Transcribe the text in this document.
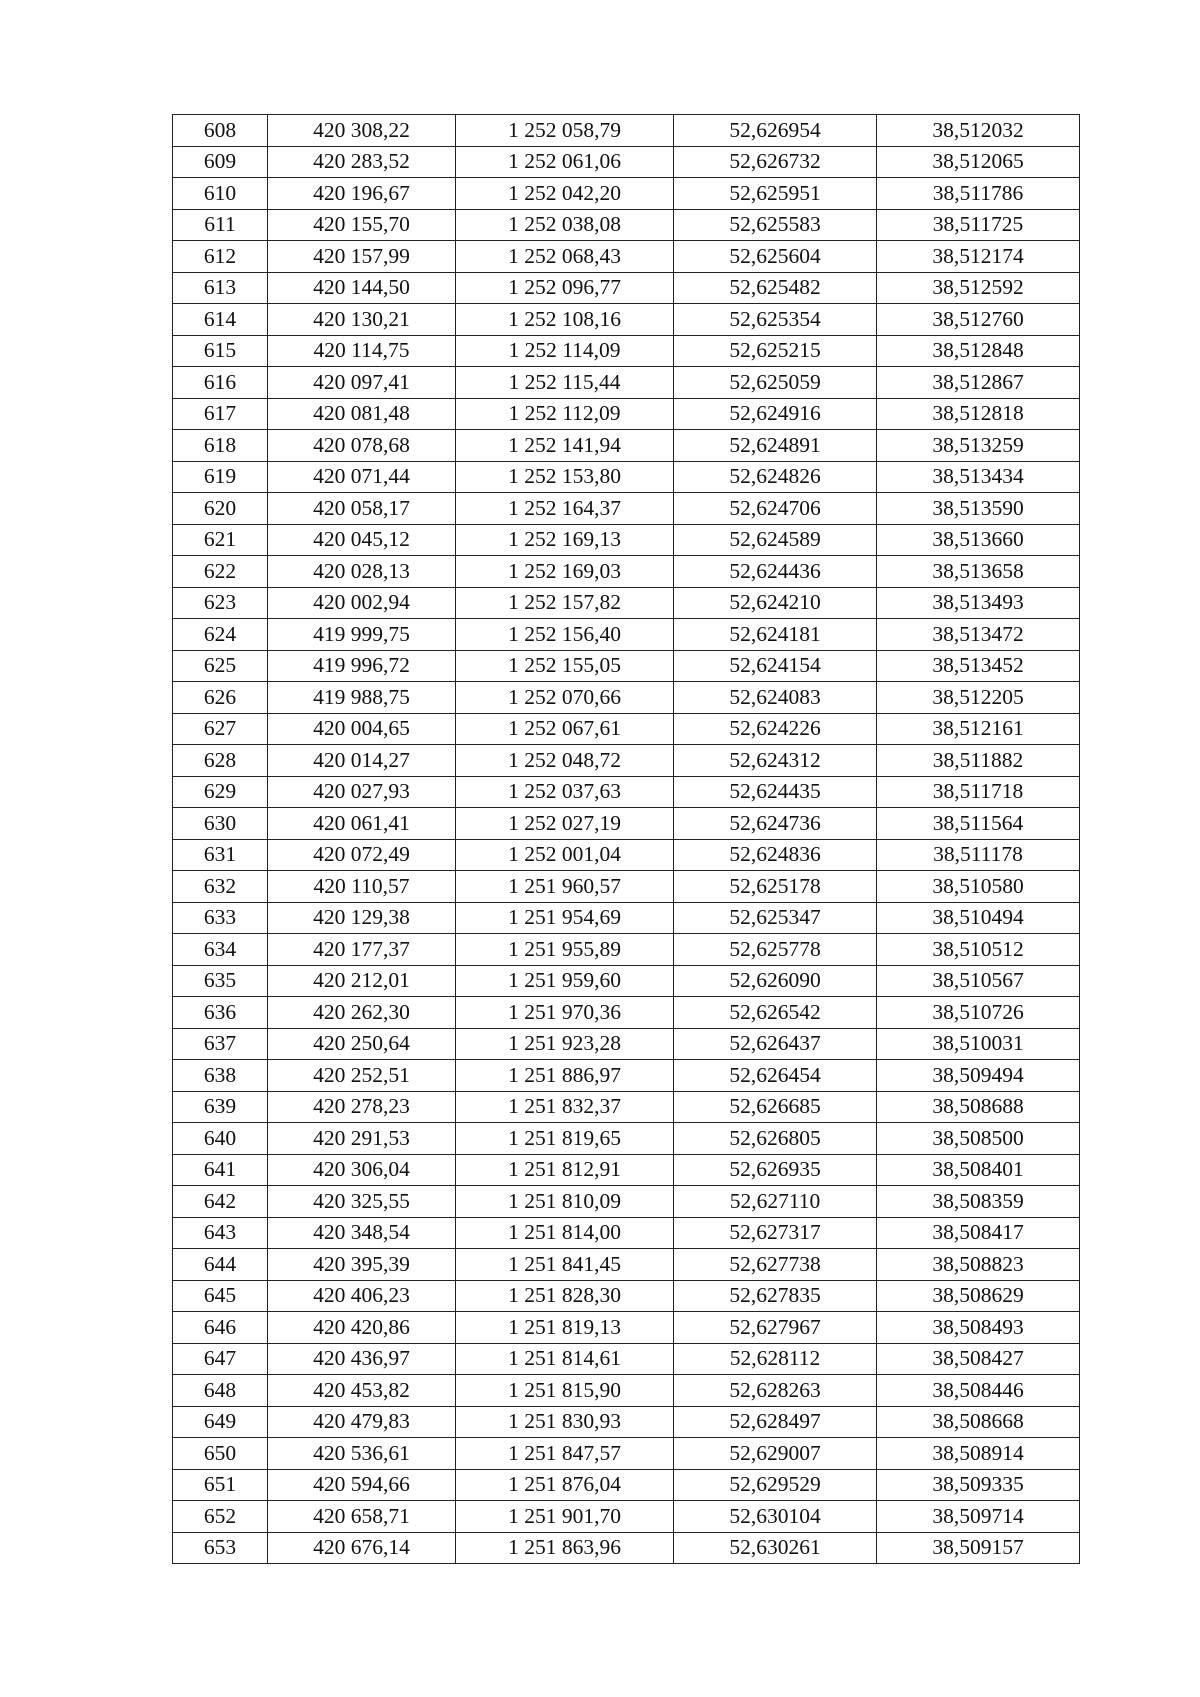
608	420 308,22	1 252 058,79	52,626954	38,512032
609	420 283,52	1 252 061,06	52,626732	38,512065
610	420 196,67	1 252 042,20	52,625951	38,511786
611	420 155,70	1 252 038,08	52,625583	38,511725
612	420 157,99	1 252 068,43	52,625604	38,512174
613	420 144,50	1 252 096,77	52,625482	38,512592
614	420 130,21	1 252 108,16	52,625354	38,512760
615	420 114,75	1 252 114,09	52,625215	38,512848
616	420 097,41	1 252 115,44	52,625059	38,512867
617	420 081,48	1 252 112,09	52,624916	38,512818
618	420 078,68	1 252 141,94	52,624891	38,513259
619	420 071,44	1 252 153,80	52,624826	38,513434
620	420 058,17	1 252 164,37	52,624706	38,513590
621	420 045,12	1 252 169,13	52,624589	38,513660
622	420 028,13	1 252 169,03	52,624436	38,513658
623	420 002,94	1 252 157,82	52,624210	38,513493
624	419 999,75	1 252 156,40	52,624181	38,513472
625	419 996,72	1 252 155,05	52,624154	38,513452
626	419 988,75	1 252 070,66	52,624083	38,512205
627	420 004,65	1 252 067,61	52,624226	38,512161
628	420 014,27	1 252 048,72	52,624312	38,511882
629	420 027,93	1 252 037,63	52,624435	38,511718
630	420 061,41	1 252 027,19	52,624736	38,511564
631	420 072,49	1 252 001,04	52,624836	38,511178
632	420 110,57	1 251 960,57	52,625178	38,510580
633	420 129,38	1 251 954,69	52,625347	38,510494
634	420 177,37	1 251 955,89	52,625778	38,510512
635	420 212,01	1 251 959,60	52,626090	38,510567
636	420 262,30	1 251 970,36	52,626542	38,510726
637	420 250,64	1 251 923,28	52,626437	38,510031
638	420 252,51	1 251 886,97	52,626454	38,509494
639	420 278,23	1 251 832,37	52,626685	38,508688
640	420 291,53	1 251 819,65	52,626805	38,508500
641	420 306,04	1 251 812,91	52,626935	38,508401
642	420 325,55	1 251 810,09	52,627110	38,508359
643	420 348,54	1 251 814,00	52,627317	38,508417
644	420 395,39	1 251 841,45	52,627738	38,508823
645	420 406,23	1 251 828,30	52,627835	38,508629
646	420 420,86	1 251 819,13	52,627967	38,508493
647	420 436,97	1 251 814,61	52,628112	38,508427
648	420 453,82	1 251 815,90	52,628263	38,508446
649	420 479,83	1 251 830,93	52,628497	38,508668
650	420 536,61	1 251 847,57	52,629007	38,508914
651	420 594,66	1 251 876,04	52,629529	38,509335
652	420 658,71	1 251 901,70	52,630104	38,509714
653	420 676,14	1 251 863,96	52,630261	38,509157
